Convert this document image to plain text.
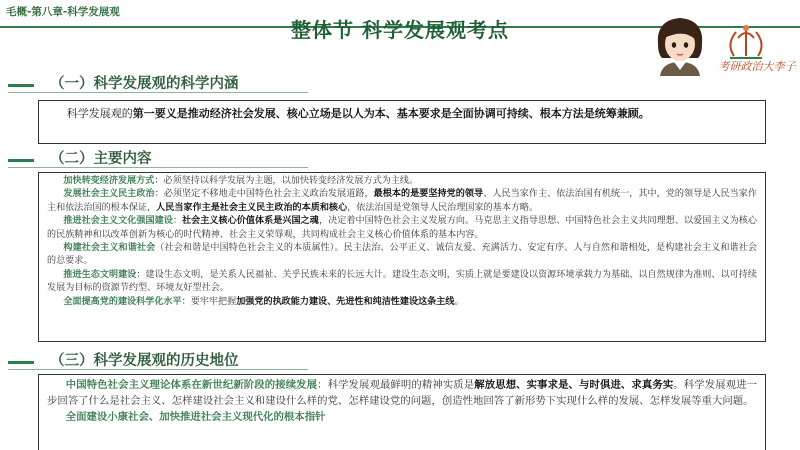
毛概-第八章-科学发展观
整体节 科学发展观考点
考研政治大李子
（一）科学发展观的科学内涵

科学发展观的第一要义是推动经济社会发展、核心立场是以人为本、基本要求是全面协调可持续、根本方法是统筹兼顾。

（二）主要内容

加快转变经济发展方式：必须坚持以科学发展为主题，以加快转变经济发展方式为主线。

发展社会主义民主政治：必须坚定不移地走中国特色社会主义政治发展道路，最根本的是要坚持党的领导、人民当家作主、依法治国有机统一，其中，党的领导是人民当家作主和依法治国的根本保证，人民当家作主是社会主义民主政治的本质和核心，依法治国是党领导人民治理国家的基本方略。

推进社会主义文化强国建设：社会主义核心价值体系是兴国之魂，决定着中国特色社会主义发展方向。马克思主义指导思想、中国特色社会主义共同理想、以爱国主义为核心的民族精神和以改革创新为核心的时代精神、社会主义荣辱观，共同构成社会主义核心价值体系的基本内容。

构建社会主义和谐社会（社会和谐是中国特色社会主义的本质属性）。民主法治、公平正义、诚信友爱、充满活力、安定有序、人与自然和谐相处，是构建社会主义和谐社会的总要求。

推进生态文明建设：建设生态文明，是关系人民福祉、关乎民族未来的长远大计。建设生态文明，实质上就是要建设以资源环境承载力为基础、以自然规律为准则、以可持续发展为目标的资源节约型、环境友好型社会。

全面提高党的建设科学化水平：要牢牢把握加强党的执政能力建设、先进性和纯洁性建设这条主线。

（三）科学发展观的历史地位

中国特色社会主义理论体系在新世纪新阶段的接续发展：科学发展观最鲜明的精神实质是解放思想、实事求是、与时俱进、求真务实。科学发展观进一步回答了什么是社会主义、怎样建设社会主义和建设什么样的党、怎样建设党的问题，创造性地回答了新形势下实现什么样的发展、怎样发展等重大问题。

全面建设小康社会、加快推进社会主义现代化的根本指针
